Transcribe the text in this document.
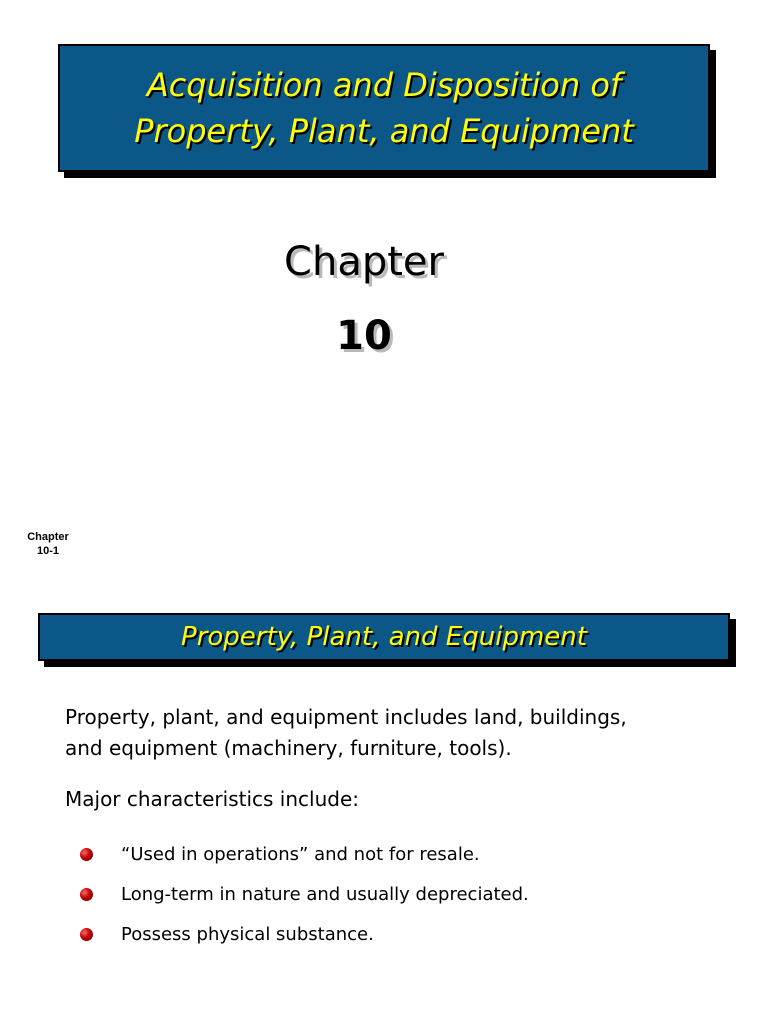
Acquisition and Disposition of
Property, Plant, and Equipment
Chapter
10
Chapter
10-1
Property, Plant, and Equipment

Property, plant, and equipment includes land, buildings,
and equipment (machinery, furniture, tools).

Major characteristics include:

“Used in operations” and not for resale.
Long-term in nature and usually depreciated.
Possess physical substance.
